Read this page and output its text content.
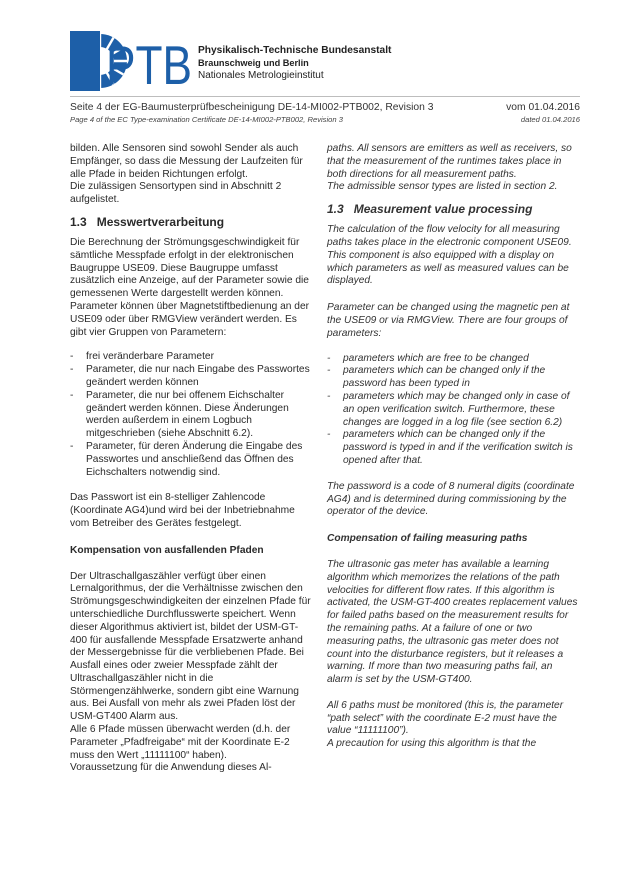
PTB Physikalisch-Technische Bundesanstalt
Braunschweig und Berlin
Nationales Metrologieinstitut
Seite 4 der EG-Baumusterprüfbescheinigung DE-14-MI002-PTB002, Revision 3	vom 01.04.2016
Page 4 of the EC Type-examination Certificate DE-14-MI002-PTB002, Revision 3	dated 01.04.2016

bilden. Alle Sensoren sind sowohl Sender als auch Empfänger, so dass die Messung der Laufzeiten für alle Pfade in beiden Richtungen erfolgt.

Die zulässigen Sensortypen sind in Abschnitt 2 aufgelistet.

1.3 Messwertverarbeitung

Die Berechnung der Strömungsgeschwindigkeit für sämtliche Messpfade erfolgt in der elektronischen Baugruppe USE09. Diese Baugruppe umfasst zusätzlich eine Anzeige, auf der Parameter sowie die gemessenen Werte dargestellt werden können.

Parameter können über Magnetstiftbedienung an der USE09 oder über RMGView verändert werden. Es gibt vier Gruppen von Parametern:

- frei veränderbare Parameter
- Parameter, die nur nach Eingabe des Passwortes geändert werden können
- Parameter, die nur bei offenem Eichschalter geändert werden können. Diese Änderungen werden außerdem in einem Logbuch mitgeschrieben (siehe Abschnitt 6.2).
- Parameter, für deren Änderung die Eingabe des Passwortes und anschließend das Öffnen des Eichschalters notwendig sind.

Das Passwort ist ein 8-stelliger Zahlencode (Koordinate AG4)und wird bei der Inbetriebnahme vom Betreiber des Gerätes festgelegt.

Kompensation von ausfallenden Pfaden

Der Ultraschallgaszähler verfügt über einen Lernalgorithmus, der die Verhältnisse zwischen den Strömungsgeschwindigkeiten der einzelnen Pfade für unterschiedliche Durchflusswerte speichert. Wenn dieser Algorithmus aktiviert ist, bildet der USM-GT-400 für ausfallende Messpfade Ersatzwerte anhand der Messergebnisse für die verbliebenen Pfade. Bei Ausfall eines oder zweier Messpfade zählt der Ultraschallgaszähler nicht in die Störmengenzählwerke, sondern gibt eine Warnung aus. Bei Ausfall von mehr als zwei Pfaden löst der USM-GT400 Alarm aus.

Alle 6 Pfade müssen überwacht werden (d.h. der Parameter „Pfadfreigabe“ mit der Koordinate E-2 muss den Wert „11111100“ haben).

Voraussetzung für die Anwendung dieses Al-

paths. All sensors are emitters as well as receivers, so that the measurement of the runtimes takes place in both directions for all measurement paths.

The admissible sensor types are listed in section 2.

1.3 Measurement value processing

The calculation of the flow velocity for all measuring paths takes place in the electronic component USE09. This component is also equipped with a display on which parameters as well as measured values can be displayed.

Parameter can be changed using the magnetic pen at the USE09 or via RMGView. There are four groups of parameters:

- parameters which are free to be changed
- parameters which can be changed only if the password has been typed in
- parameters which may be changed only in case of an open verification switch. Furthermore, these changes are logged in a log file (see section 6.2)
- parameters which can be changed only if the password is typed in and if the verification switch is opened after that.

The password is a code of 8 numeral digits (coordinate AG4) and is determined during commissioning by the operator of the device.

Compensation of failing measuring paths

The ultrasonic gas meter has available a learning algorithm which memorizes the relations of the path velocities for different flow rates. If this algorithm is activated, the USM-GT-400 creates replacement values for failed paths based on the measurement results for the remaining paths. At a failure of one or two measuring paths, the ultrasonic gas meter does not count into the disturbance registers, but it releases a warning. If more than two measuring paths fail, an alarm is set by the USM-GT400.

All 6 paths must be monitored (this is, the parameter “path select” with the coordinate E-2 must have the value “11111100”).

A precaution for using this algorithm is that the
